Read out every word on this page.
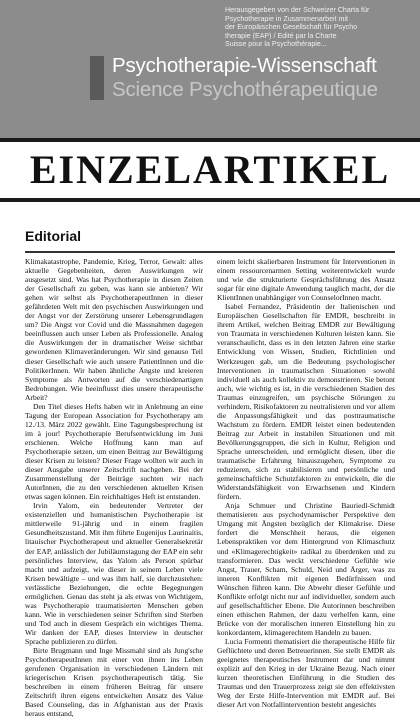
Herausgegeben von der Schweizer Charta für
Psychotherapie in Zusammenarbeit mit
der Europäischen Gesellschaft für Psycho
therapie (EAP) / Edité par la Charte
Suisse pour la Psychothérapie...
Psychotherapie-Wissenschaft
Science Psychothérapeutique
EINZELARTIKEL
Editorial

Klimakatastrophe, Pandemie, Krieg, Terror, Gewalt: alles aktuelle Gegebenheiten, deren Auswirkungen wir ausgesetzt sind. Was hat Psychotherapie in diesen Zeiten der Gesellschaft zu geben, was kann sie anbieten? Wir gehen wir selbst als PsychotherapeutInnen in dieser gefährdeten Welt mit den psychischen Auswirkungen und der Angst vor der Zerstörung unserer Lebensgrundlagen um? Die Angst vor Covid und die Massnahmen dagegen beeinflussen auch unser Leben als Professionelle. Analog die Auswirkungen der in dramatischer Weise sichtbar gewordenen Klimaveränderungen. Wir sind genauso Teil dieser Gesellschaft wie auch unsere PatientInnen und die PolitikerInnen. Wir haben ähnliche Ängste und kreieren Symptome als Antworten auf die verschiedenartigen Bedrohungen. Wie beeinflusst dies unsere therapeutische Arbeit?

Den Titel dieses Hefts haben wir in Anlehnung an eine Tagung der European Association for Psychotherapy am 12./13. März 2022 gewählt. Eine Tagungsbesprechung ist im à jour! Psychotherapie Berufsentwicklung im Juni erschienen. Welche Hoffnung kann man auf Psychotherapie setzen, um einen Beitrag zur Bewältigung dieser Krisen zu leisten? Dieser Frage wollten wir auch in dieser Ausgabe unserer Zeitschrift nachgehen. Bei der Zusammenstellung der Beiträge suchten wir nach AutorInnen, die zu den verschiedenen aktuellen Krisen etwas sagen können. Ein reichhaltiges Heft ist entstanden.

Irvin Yalom, ein bedeutender Vertreter der existenziellen und humanistischen Psychotherapie ist mittlerweile 91-jährig und in einem fragilen Gesundheitszustand. Mit ihm führte Eugenijus Laurinaitis, litauischer Psychotherapeut und aktueller Generalsekretär der EAP, anlässlich der Jubiläumstagung der EAP ein sehr persönliches Interview, das Yalom als Person spürbar macht und aufzeigt, wie dieser in seinem Leben viele Krisen bewältigte – und was ihm half, sie durchzustehen: verlässliche Beziehungen, die echte Begegnungen ermöglichen. Genau das steht ja als etwas von Wichtigem, was Psychotherapie traumatisierten Menschen geben kann. Wie in verschiedenen seiner Schriften sind Sterben und Tod auch in diesem Gespräch ein wichtiges Thema. Wir danken der EAP, dieses Interview in deutscher Sprache publizieren zu dürfen.

Birte Brugmann und Inge Missmahl sind als Jung'sche PsychotherapeutInnen mit einer von ihnen ins Leben gerufenen Organisation in verschiedenen Ländern mit kriegerischen Krisen psychotherapeutisch tätig. Sie beschreiben in einem früheren Beitrag für unsere Zeitschrift ihren eigens entwickelten Ansatz des Value Based Counseling, das in Afghanistan aus der Praxis heraus entstand,

einem leicht skalierbaren Instrument für Interventionen in einem ressourcenarmen Setting weiterentwickelt wurde und wie die strukturierte Gesprächsführung des Ansatz sogar für eine digitale Anwendung tauglich macht, der die KlientInnen unabhängiger von CounselorInnen macht.

Isabel Fernandez, Präsidentin der Italienischen und Europäischen Gesellschaften für EMDR, beschreibt in ihrem Artikel, welchen Beitrag EMDR zur Bewältigung von Traumata in verschiedenen Kulturen leisten kann. Sie veranschaulicht, dass es in den letzten Jahren eine starke Entwicklung von Wissen, Studien, Richtlinien und Werkzeugen gab, um die Bedeutung psychologischer Interventionen in traumatischen Situationen sowohl individuell als auch kollektiv zu demonstrieren. Sie betont auch, wie wichtig es ist, in die verschiedenen Stadien des Traumas einzugreifen, um psychische Störungen zu verhindern, Risikofaktoren zu neutralisieren und vor allem die Anpassungsfähigkeit und das posttraumatische Wachstum zu fördern. EMDR leistet einen bedeutenden Beitrag zur Arbeit in instabilen Situationen und mit Bevölkerungsgruppen, die sich in Kultur, Religion und Sprache unterscheiden, und ermöglicht diesen, über die traumatische Erfahrung hinauszugehen, Symptome zu reduzieren, sich zu stabilisieren und persönliche und gemeinschaftliche Schutzfaktoren zu entwickeln, die die Widerstandsfähigkeit von Erwachsenen und Kindern fördern.

Anja Schmuer und Christine Bauriedl-Schmidt thematisieren aus psychodynamischer Perspektive den Umgang mit Ängsten bezüglich der Klimakrise. Diese fordert die Menschheit heraus, die eigenen Lebenspraktiken vor dem Hintergrund von Klimaschutz und «Klimagerechtigkeit» radikal zu überdenken und zu transformieren. Das weckt verschiedene Gefühle wie Angst, Trauer, Scham, Schuld, Neid und Ärger, was zu inneren Konflikten mit eigenen Bedürfnissen und Wünschen führen kann. Die Abwehr dieser Gefühle und Konflikte erfolgt nicht nur auf individueller, sondern auch auf gesellschaftlicher Ebene. Die Autorinnen beschreiben einen ethischen Rahmen, der dazu verhelfen kann, eine Brücke von der moralischen inneren Einstellung hin zu konkordantem, klimagerechtem Handeln zu bauen.

Lucia Formenti thematisiert die therapeutische Hilfe für Geflüchtete und deren Betreuerinnen. Sie stellt EMDR als geeignetes therapeutisches Instrument dar und nimmt explizit auf den Krieg in der Ukraine Bezug. Nach einer kurzen theoretischen Einführung in die Studien des Traumas und den Trauerprozess zeigt sie den effektivsten Weg der Erste Hilfe-Intervention mit EMDR auf. Bei dieser Art von Notfallintervention besteht angesichts
